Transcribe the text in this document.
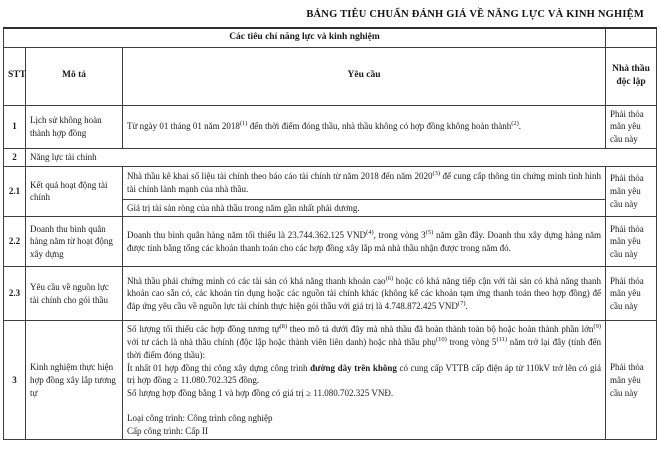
BẢNG TIÊU CHUẨN ĐÁNH GIÁ VỀ NĂNG LỰC VÀ KINH NGHIỆM
Các tiêu chí năng lực và kinh nghiệm			
STT	Mô tả	Yêu cầu	Nhà thầu độc lập
1	Lịch sử không hoàn thành hợp đồng	Từ ngày 01 tháng 01 năm 2018$^{(1)}$ đến thời điểm đóng thầu, nhà thầu không có hợp đồng không hoàn thành$^{(2)}$.	Phải thỏa mãn yêu cầu này
2	Năng lực tài chính		
2.1	Kết quả hoạt động tài chính	Nhà thầu kê khai số liệu tài chính theo báo cáo tài chính từ năm 2018 đến năm 2020$^{(3)}$ để cung cấp thông tin chứng minh tình hình tài chính lành mạnh của nhà thầu.	Phải thỏa mãn yêu cầu này

		Giá trị tài sản ròng của nhà thầu trong năm gần nhất phải dương.	

2.2	Doanh thu bình quân hàng năm từ hoạt động xây dựng	Doanh thu bình quân hàng năm tối thiểu là 23.744.362.125 VND$^{(4)}$, trong vòng 3$^{(5)}$ năm gần đây. Doanh thu xây dựng hàng năm được tính bằng tổng các khoản thanh toán cho các hợp đồng xây lắp mà nhà thầu nhận được trong năm đó.	Phải thỏa mãn yêu cầu này
2.3	Yêu cầu về nguồn lực tài chính cho gói thầu	Nhà thầu phải chứng minh có các tài sản có khả năng thanh khoản cao$^{(6)}$ hoặc có khả năng tiếp cận với tài sản có khả năng thanh khoản cao sẵn có, các khoản tín dụng hoặc các nguồn tài chính khác (không kể các khoản tạm ứng thanh toán theo hợp đồng) để đáp ứng yêu cầu về nguồn lực tài chính thực hiện gói thầu với giá trị là 4.748.872.425 VND$^{(7)}$.	Phải thỏa mãn yêu cầu này
3	Kinh nghiệm thực hiện hợp đồng xây lắp tương tự	Số lượng tối thiểu các hợp đồng tương tự$^{(8)}$ theo mô tả dưới đây mà nhà thầu đã hoàn thành toàn bộ hoặc hoàn thành phần lớn$^{(9)}$ với tư cách là nhà thầu chính (độc lập hoặc thành viên liên danh) hoặc nhà thầu phụ$^{(10)}$ trong vòng 5$^{(11)}$ năm trở lại đây (tính đến thời điểm đóng thầu):

Ít nhất 01 hợp đồng thi công xây dựng công trình đường dây trên không có cung cấp VTTB cấp điện áp từ 110kV trở lên có giá trị hợp đồng ≥ 11.080.702.325 đồng.

Số lượng hợp đồng bằng 1 và hợp đồng có giá trị ≥ 11.080.702.325 VNĐ.

Loại công trình: Công trình công nghiệp

Cấp công trình: Cấp II	Phải thỏa mãn yêu cầu này
